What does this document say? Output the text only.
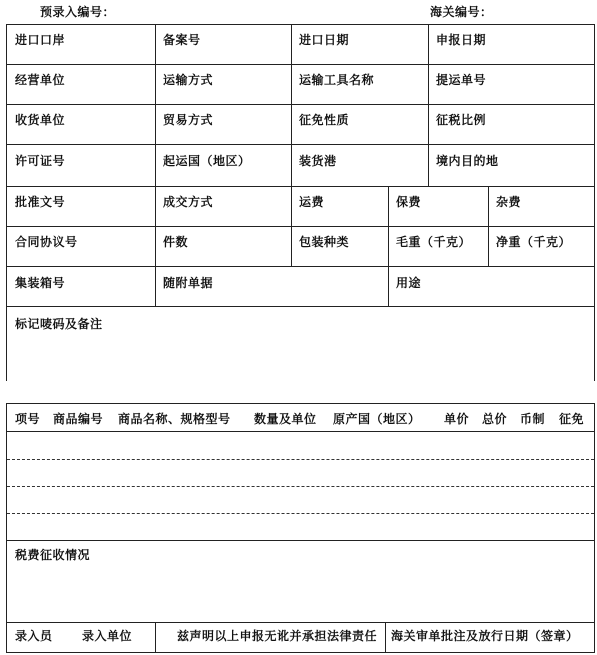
预录入编号：	海关编号：
进口口岸	备案号	进口日期	申报日期
经营单位	运输方式	运输工具名称	提运单号
收货单位	贸易方式	征免性质	征税比例
许可证号	起运国（地区）	装货港	境内目的地
批准文号	成交方式	运费	保费	杂费
合同协议号	件数	包装种类	毛重（千克） 净重（千克）
集装箱号	随附单据	用途
标记唛码及备注
项号 商品编号 商品名称、规格型号 数量及单位 原产国（地区） 单价 总价 币制 征免
税费征收情况
录入员 录入单位	兹声明以上申报无讹并承担法律责任 海关审单批注及放行日期（签章）
